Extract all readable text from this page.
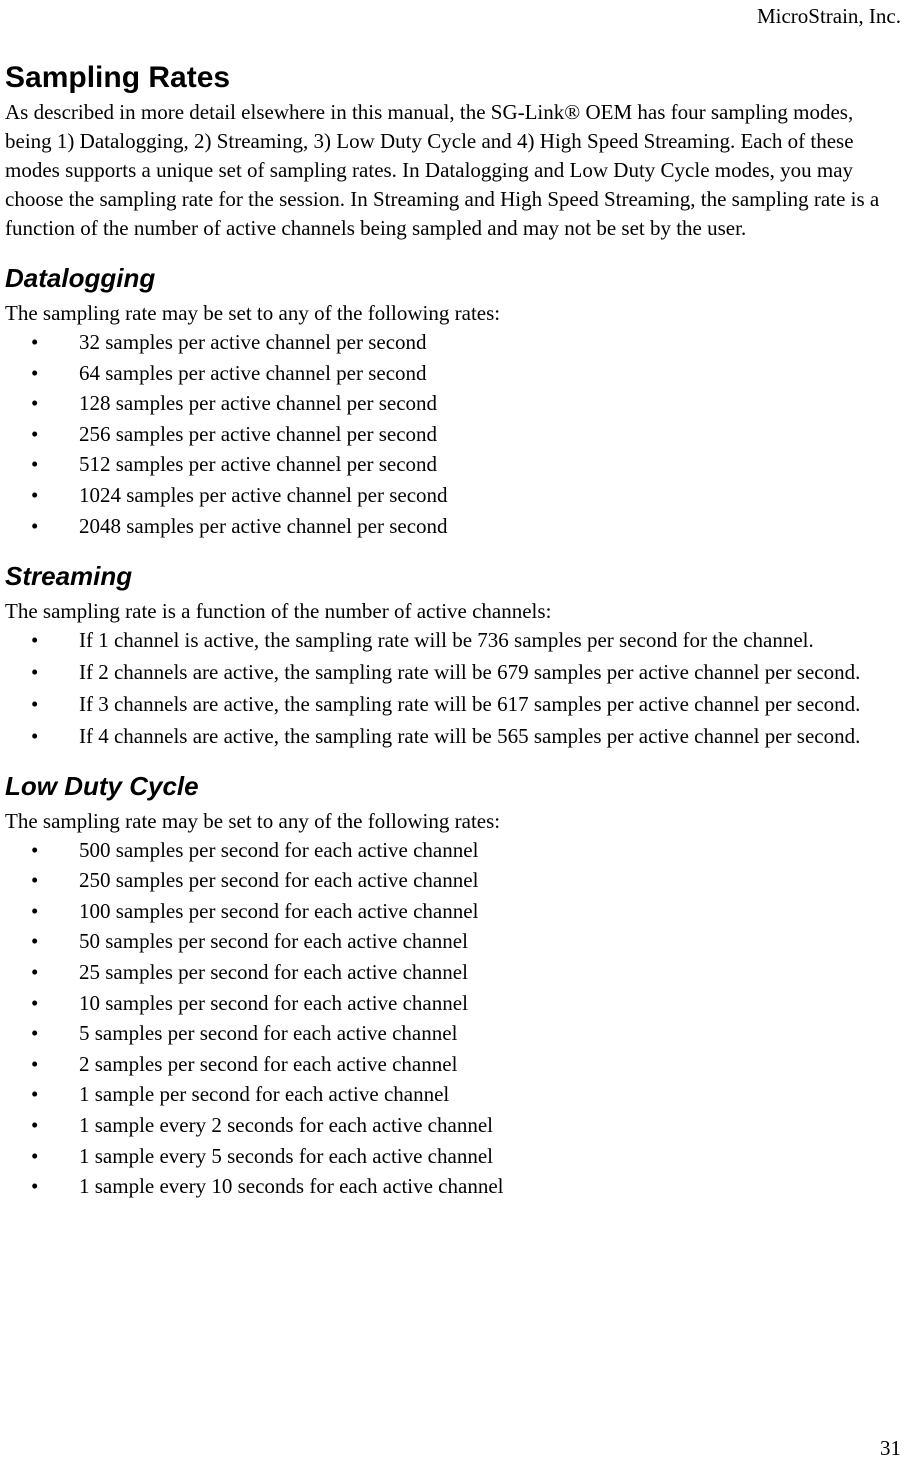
MicroStrain, Inc.
Sampling Rates

As described in more detail elsewhere in this manual, the SG-Link® OEM has four sampling modes, being 1) Datalogging, 2) Streaming, 3) Low Duty Cycle and 4) High Speed Streaming. Each of these modes supports a unique set of sampling rates. In Datalogging and Low Duty Cycle modes, you may choose the sampling rate for the session. In Streaming and High Speed Streaming, the sampling rate is a function of the number of active channels being sampled and may not be set by the user.

Datalogging

The sampling rate may be set to any of the following rates:

• 32 samples per active channel per second
• 64 samples per active channel per second
• 128 samples per active channel per second
• 256 samples per active channel per second
• 512 samples per active channel per second
• 1024 samples per active channel per second
• 2048 samples per active channel per second
Streaming

The sampling rate is a function of the number of active channels:

• If 1 channel is active, the sampling rate will be 736 samples per second for the channel.
• If 2 channels are active, the sampling rate will be 679 samples per active channel per second.
• If 3 channels are active, the sampling rate will be 617 samples per active channel per second.
• If 4 channels are active, the sampling rate will be 565 samples per active channel per second.
Low Duty Cycle

The sampling rate may be set to any of the following rates:

• 500 samples per second for each active channel
• 250 samples per second for each active channel
• 100 samples per second for each active channel
• 50 samples per second for each active channel
• 25 samples per second for each active channel
• 10 samples per second for each active channel
• 5 samples per second for each active channel
• 2 samples per second for each active channel
• 1 sample per second for each active channel
• 1 sample every 2 seconds for each active channel
• 1 sample every 5 seconds for each active channel
• 1 sample every 10 seconds for each active channel
31
